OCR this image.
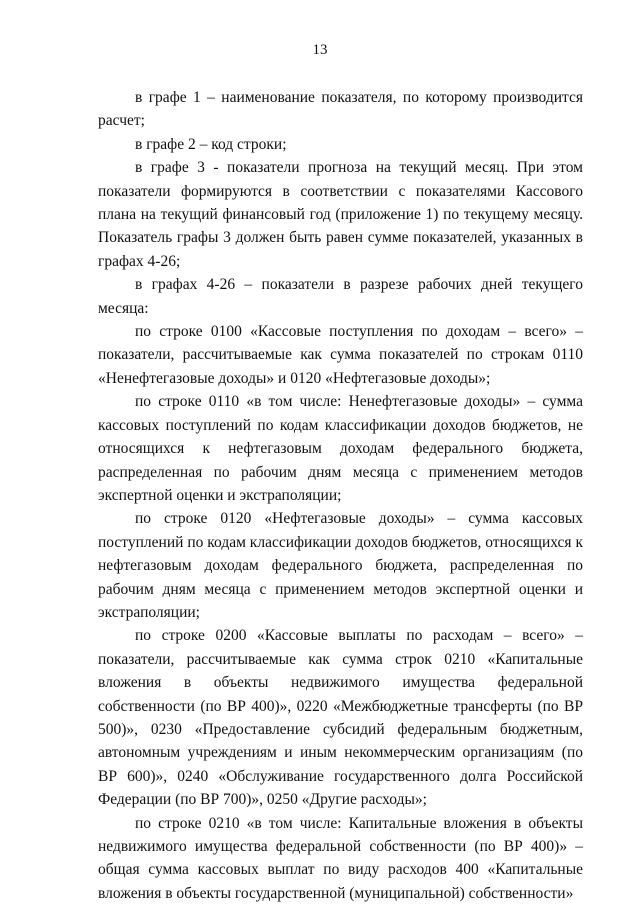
13

в графе 1 – наименование показателя, по которому производится расчет;

в графе 2 – код строки;

в графе 3 - показатели прогноза на текущий месяц. При этом показатели формируются в соответствии с показателями Кассового плана на текущий финансовый год (приложение 1) по текущему месяцу. Показатель графы 3 должен быть равен сумме показателей, указанных в графах 4-26;

в графах 4-26 – показатели в разрезе рабочих дней текущего месяца:

по строке 0100 «Кассовые поступления по доходам – всего» – показатели, рассчитываемые как сумма показателей по строкам 0110 «Ненефтегазовые доходы» и 0120 «Нефтегазовые доходы»;

по строке 0110 «в том числе: Ненефтегазовые доходы» – сумма кассовых поступлений по кодам классификации доходов бюджетов, не относящихся к нефтегазовым доходам федерального бюджета, распределенная по рабочим дням месяца с применением методов экспертной оценки и экстраполяции;

по строке 0120 «Нефтегазовые доходы» – сумма кассовых поступлений по кодам классификации доходов бюджетов, относящихся к нефтегазовым доходам федерального бюджета, распределенная по рабочим дням месяца с применением методов экспертной оценки и экстраполяции;

по строке 0200 «Кассовые выплаты по расходам – всего» – показатели, рассчитываемые как сумма строк 0210 «Капитальные вложения в объекты недвижимого имущества федеральной собственности (по ВР 400)», 0220 «Межбюджетные трансферты (по ВР 500)», 0230 «Предоставление субсидий федеральным бюджетным, автономным учреждениям и иным некоммерческим организациям (по ВР 600)», 0240 «Обслуживание государственного долга Российской Федерации (по ВР 700)», 0250 «Другие расходы»;

по строке 0210 «в том числе: Капитальные вложения в объекты недвижимого имущества федеральной собственности (по ВР 400)» – общая сумма кассовых выплат по виду расходов 400 «Капитальные вложения в объекты государственной (муниципальной) собственности»
